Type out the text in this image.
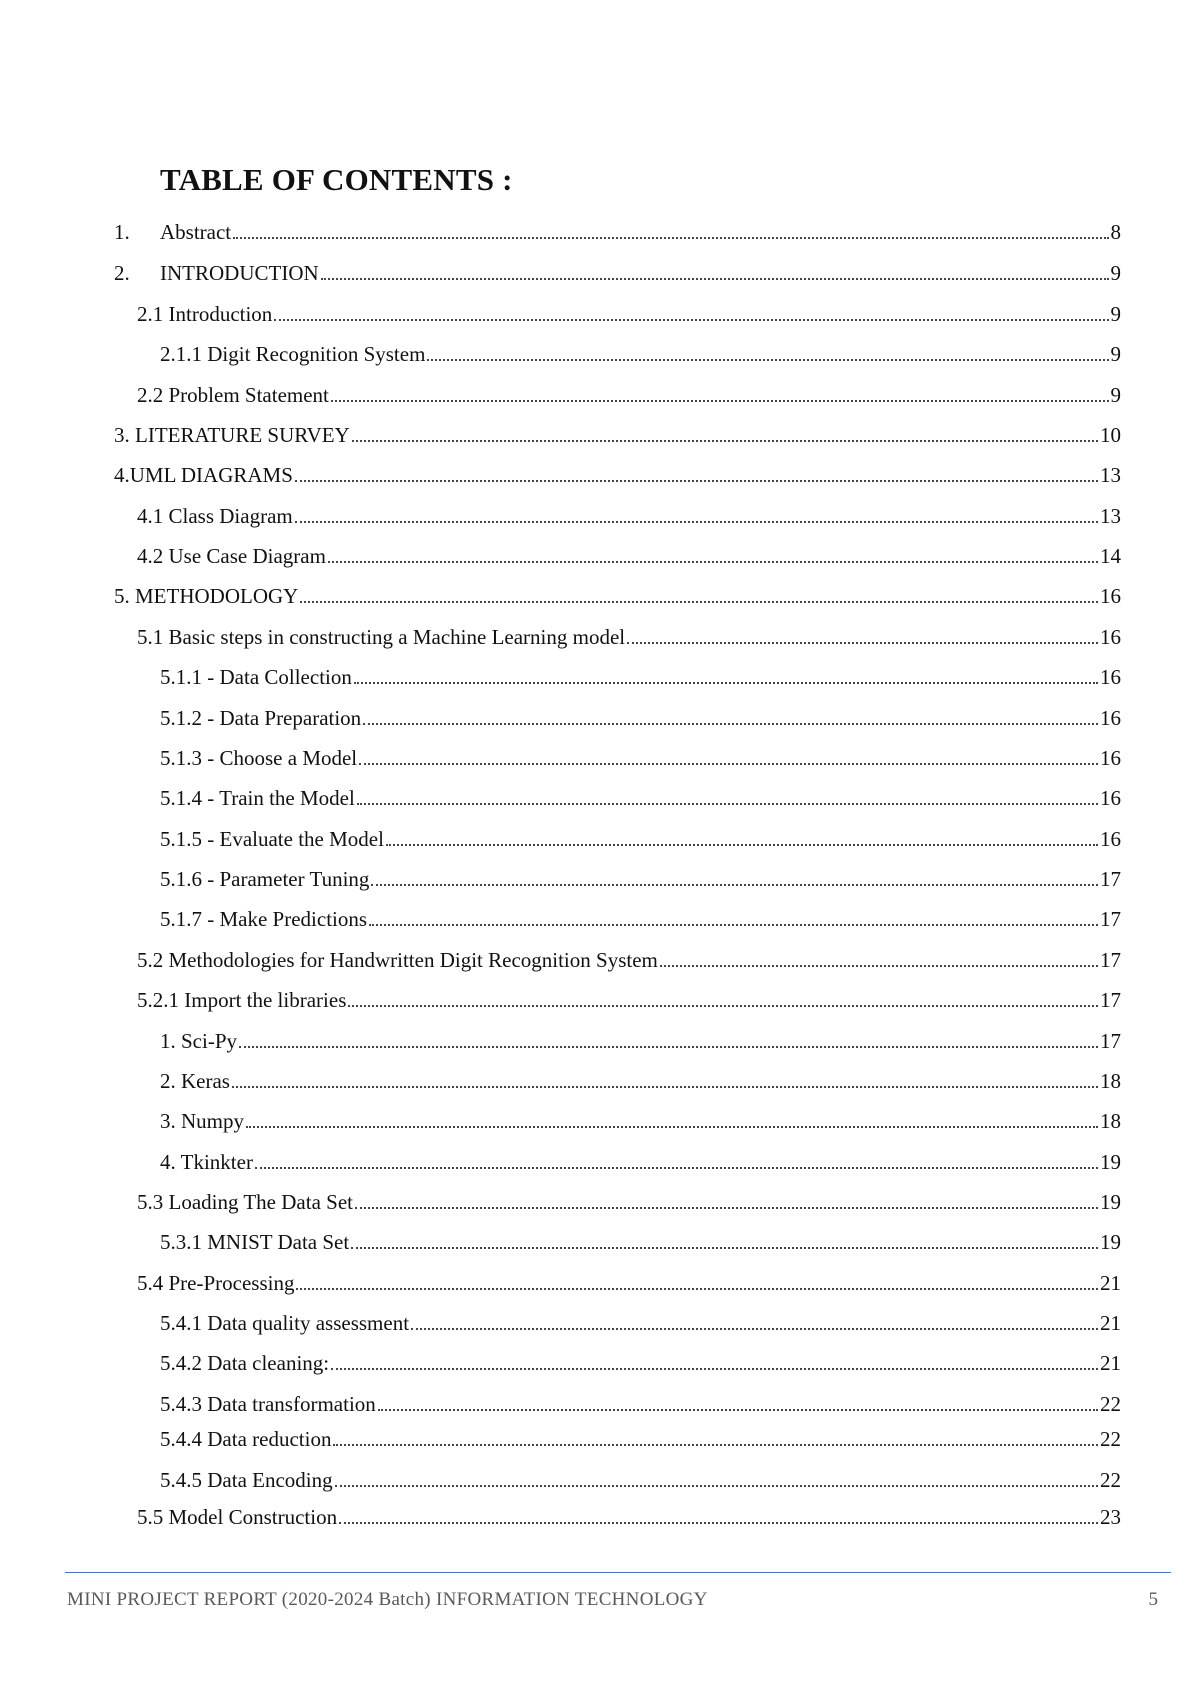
TABLE OF CONTENTS :
1.	Abstract	8
2.	INTRODUCTION	9
2.1 Introduction	9
2.1.1 Digit Recognition System	9
2.2 Problem Statement	9
3. LITERATURE SURVEY	10
4.UML DIAGRAMS	13
4.1 Class Diagram	13
4.2 Use Case Diagram	14
5. METHODOLOGY	16
5.1 Basic steps in constructing a Machine Learning model	16
5.1.1 - Data Collection	16
5.1.2 - Data Preparation	16
5.1.3 - Choose a Model	16
5.1.4 - Train the Model	16
5.1.5 - Evaluate the Model	16
5.1.6 - Parameter Tuning	17
5.1.7 - Make Predictions	17
5.2 Methodologies for Handwritten Digit Recognition System	17
5.2.1 Import the libraries	17
1. Sci-Py	17
2. Keras	18
3. Numpy	18
4. Tkinkter	19
5.3 Loading The Data Set	19
5.3.1 MNIST Data Set	19
5.4 Pre-Processing	21
5.4.1 Data quality assessment	21
5.4.2 Data cleaning:	21
5.4.3 Data transformation	22
5.4.4 Data reduction	22
5.4.5 Data Encoding	22
5.5 Model Construction	23
MINI PROJECT REPORT (2020-2024 Batch) INFORMATION TECHNOLOGY	5
